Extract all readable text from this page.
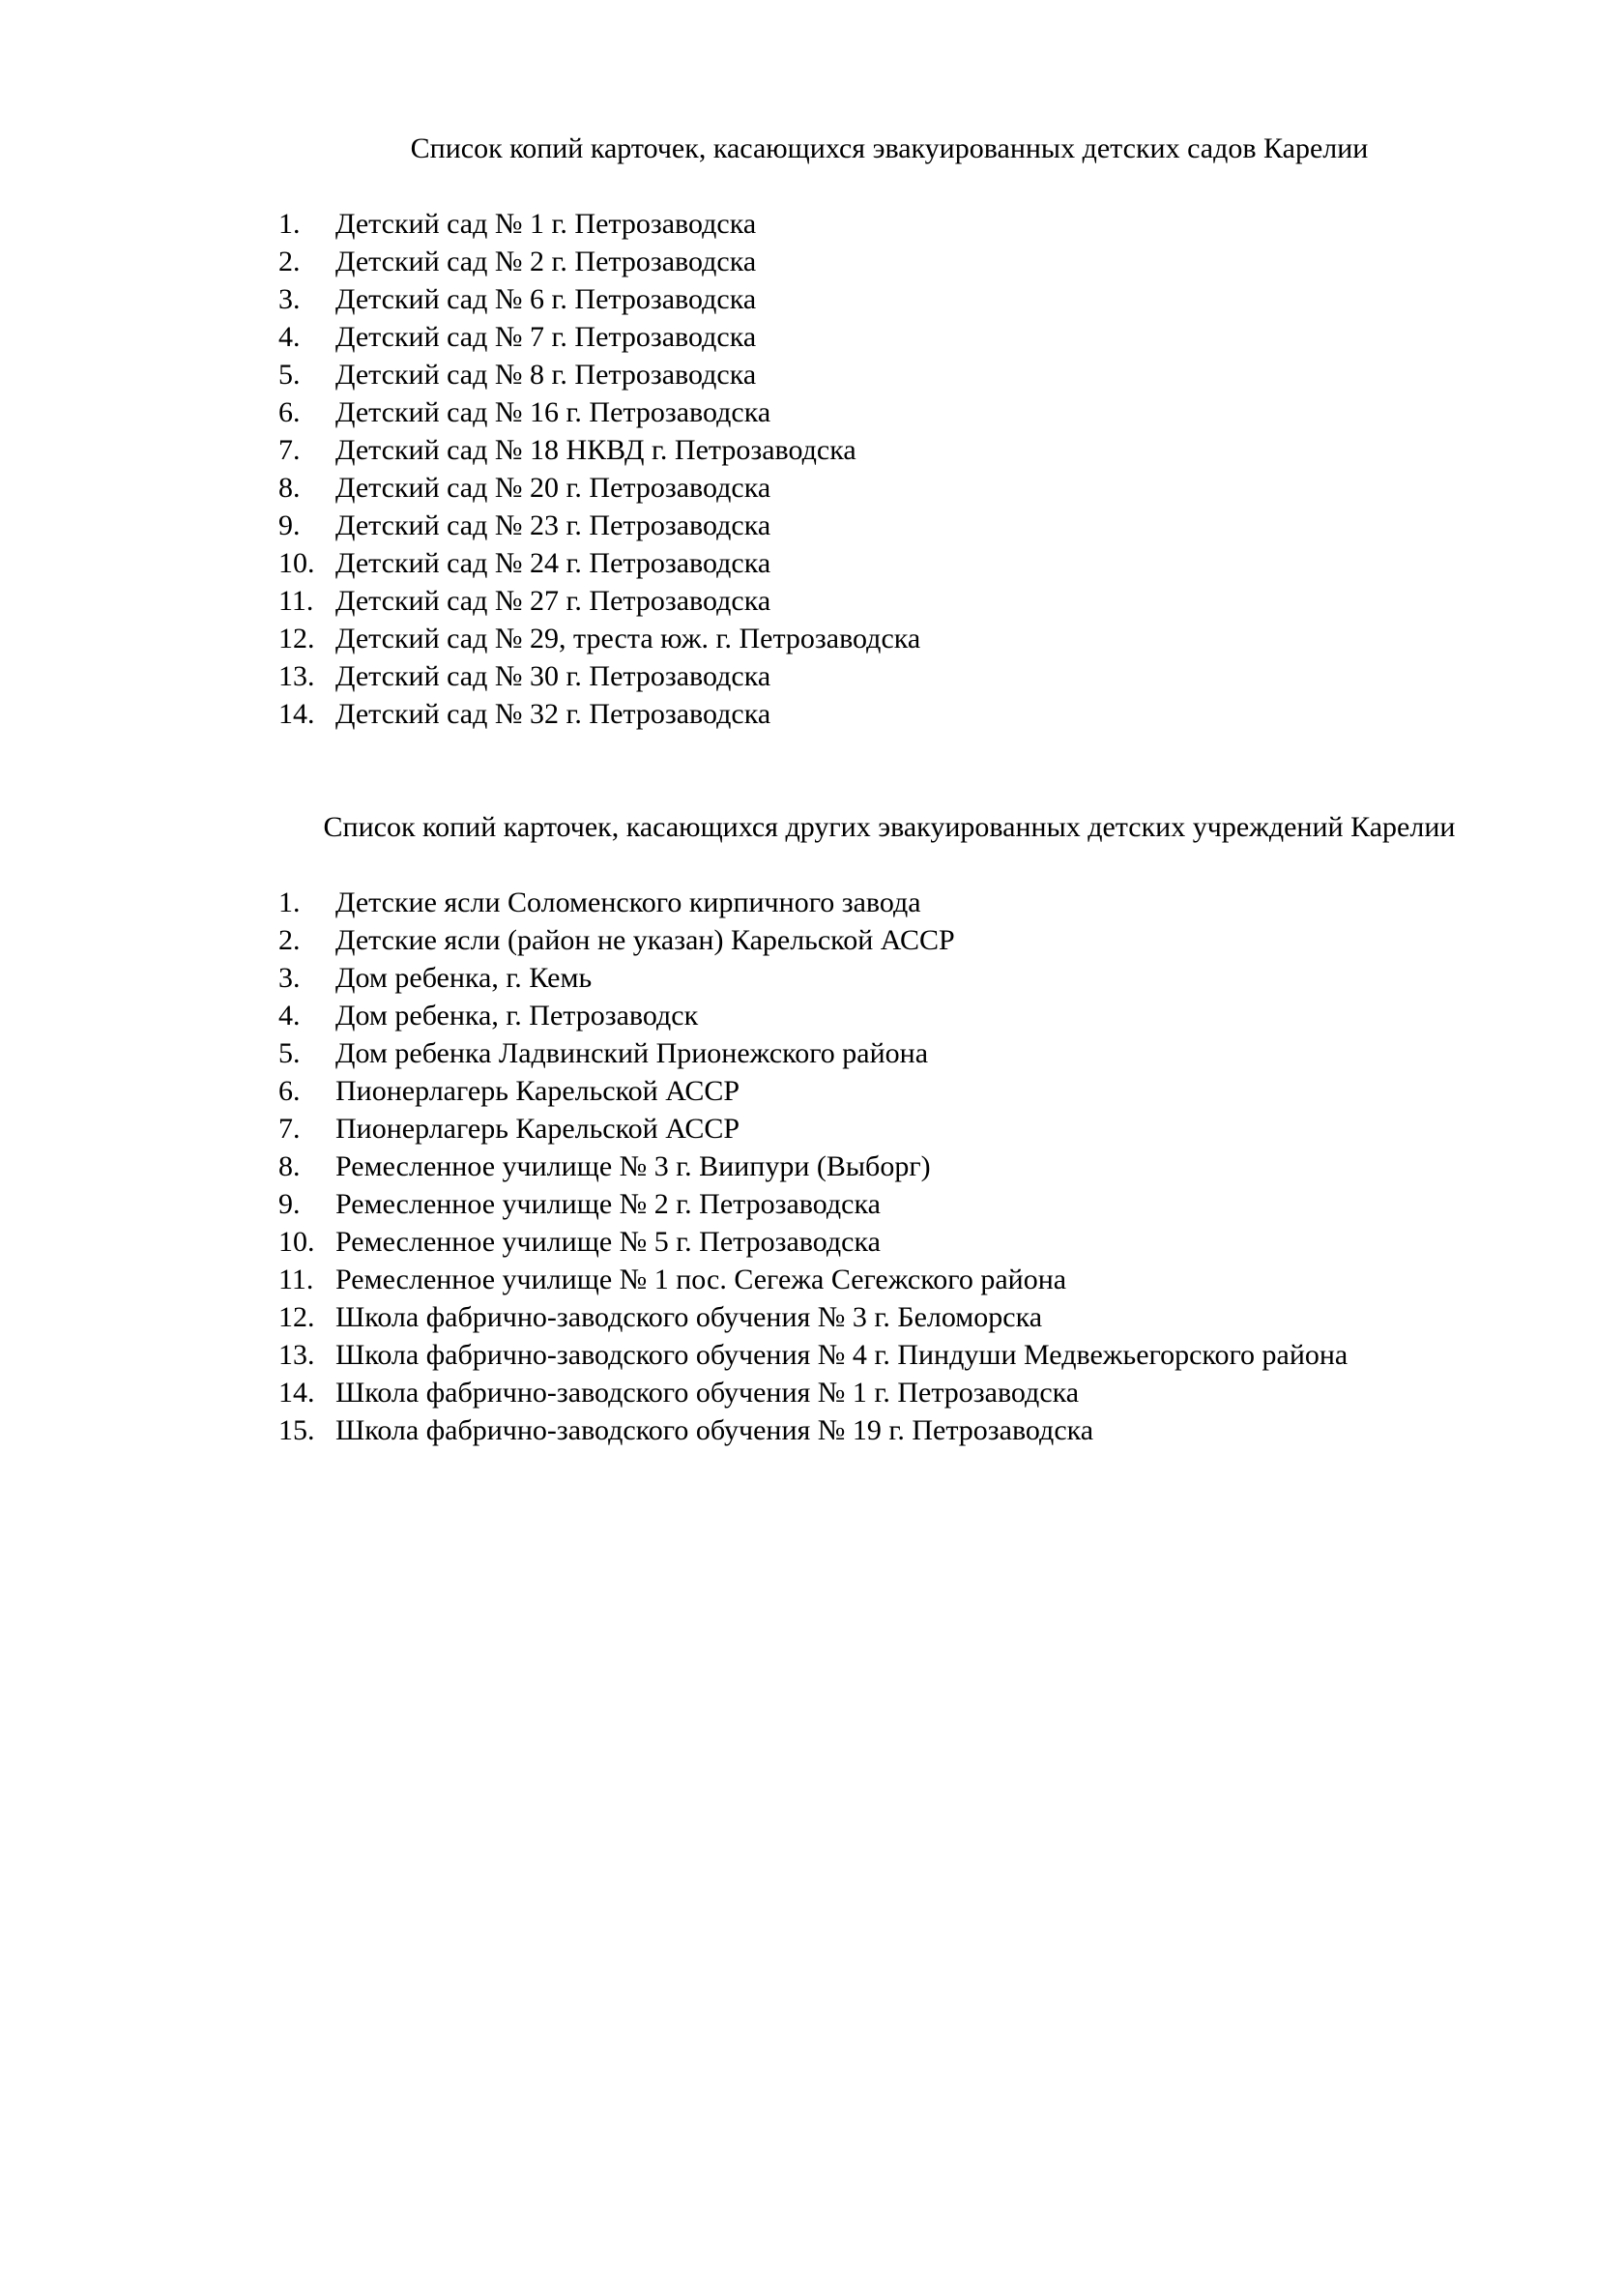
Список копий карточек, касающихся эвакуированных детских садов Карелии
1. Детский сад № 1 г. Петрозаводска
2. Детский сад № 2 г. Петрозаводска
3. Детский сад № 6 г. Петрозаводска
4. Детский сад № 7 г. Петрозаводска
5. Детский сад № 8 г. Петрозаводска
6. Детский сад № 16 г. Петрозаводска
7. Детский сад № 18 НКВД г. Петрозаводска
8. Детский сад № 20 г. Петрозаводска
9. Детский сад № 23 г. Петрозаводска
10. Детский сад № 24 г. Петрозаводска
11. Детский сад № 27 г. Петрозаводска
12. Детский сад № 29, треста юж. г. Петрозаводска
13. Детский сад № 30 г. Петрозаводска
14. Детский сад № 32 г. Петрозаводска
Список копий карточек, касающихся других эвакуированных детских учреждений Карелии
1. Детские ясли Соломенского кирпичного завода
2. Детские ясли (район не указан) Карельской АССР
3. Дом ребенка, г. Кемь
4. Дом ребенка, г. Петрозаводск
5. Дом ребенка Ладвинский Прионежского района
6. Пионерлагерь Карельской АССР
7. Пионерлагерь Карельской АССР
8. Ремесленное училище № 3 г. Виипури (Выборг)
9. Ремесленное училище № 2 г. Петрозаводска
10. Ремесленное училище № 5 г. Петрозаводска
11. Ремесленное училище № 1 пос. Сегежа Сегежского района
12. Школа фабрично-заводского обучения № 3 г. Беломорска
13. Школа фабрично-заводского обучения № 4 г. Пиндуши Медвежьегорского района
14. Школа фабрично-заводского обучения № 1 г. Петрозаводска
15. Школа фабрично-заводского обучения № 19 г. Петрозаводска
